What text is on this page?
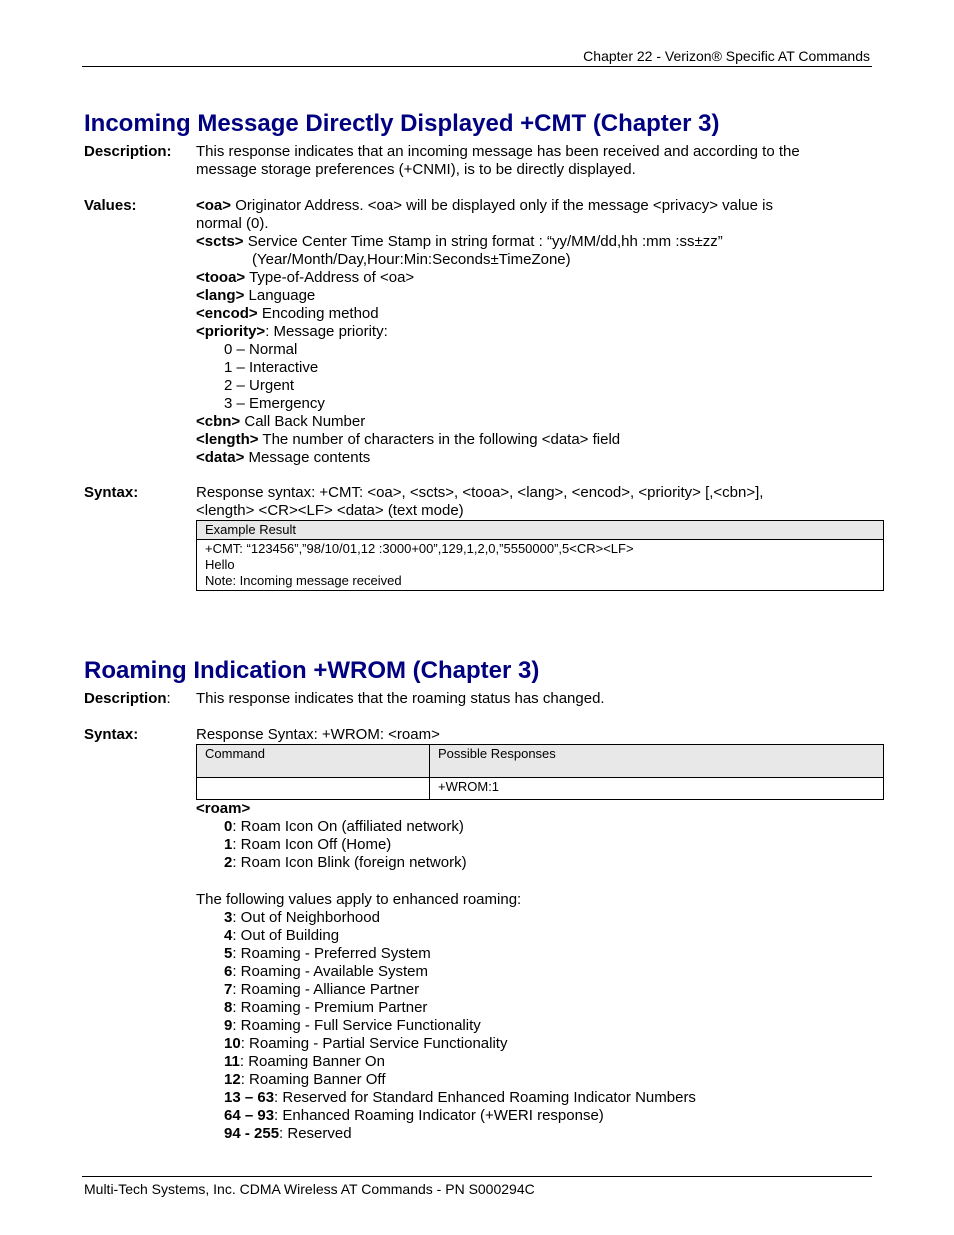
Chapter 22 - Verizon® Specific AT Commands
Incoming Message Directly Displayed +CMT (Chapter 3)
Description: This response indicates that an incoming message has been received and according to the message storage preferences (+CNMI), is to be directly displayed.
Values:	<oa> Originator Address. <oa> will be displayed only if the message <privacy> value is normal (0).

<scts> Service Center Time Stamp in string format : “yy/MM/dd,hh :mm :ss±zz”

(Year/Month/Day,Hour:Min:Seconds±TimeZone)

<tooa> Type-of-Address of <oa>

<lang> Language

<encod> Encoding method

<priority>: Message priority:

0 – Normal

1 – Interactive

2 – Urgent

3 – Emergency

<cbn> Call Back Number

<length> The number of characters in the following <data> field

<data> Message contents

Syntax:	Response syntax: +CMT: <oa>, <scts>, <tooa>, <lang>, <encod>, <priority> [,<cbn>], <length> <CR><LF> <data> (text mode)
Example Result

+CMT: “123456”,”98/10/01,12 :3000+00”,129,1,2,0,”5550000”,5<CR><LF>
Hello
Note: Incoming message received
Roaming Indication +WROM (Chapter 3)
Description: This response indicates that the roaming status has changed.
Syntax:	Response Syntax: +WROM: <roam>
Command	Possible Responses
	+WROM:1

<roam>

0: Roam Icon On (affiliated network)

1: Roam Icon Off (Home)

2: Roam Icon Blink (foreign network)

The following values apply to enhanced roaming:

3: Out of Neighborhood

4: Out of Building

5: Roaming - Preferred System

6: Roaming - Available System

7: Roaming - Alliance Partner

8: Roaming - Premium Partner

9: Roaming - Full Service Functionality

10: Roaming - Partial Service Functionality

11: Roaming Banner On

12: Roaming Banner Off

13 – 63: Reserved for Standard Enhanced Roaming Indicator Numbers

64 – 93: Enhanced Roaming Indicator (+WERI response)

94 - 255: Reserved

Multi-Tech Systems, Inc. CDMA Wireless AT Commands - PN S000294C
